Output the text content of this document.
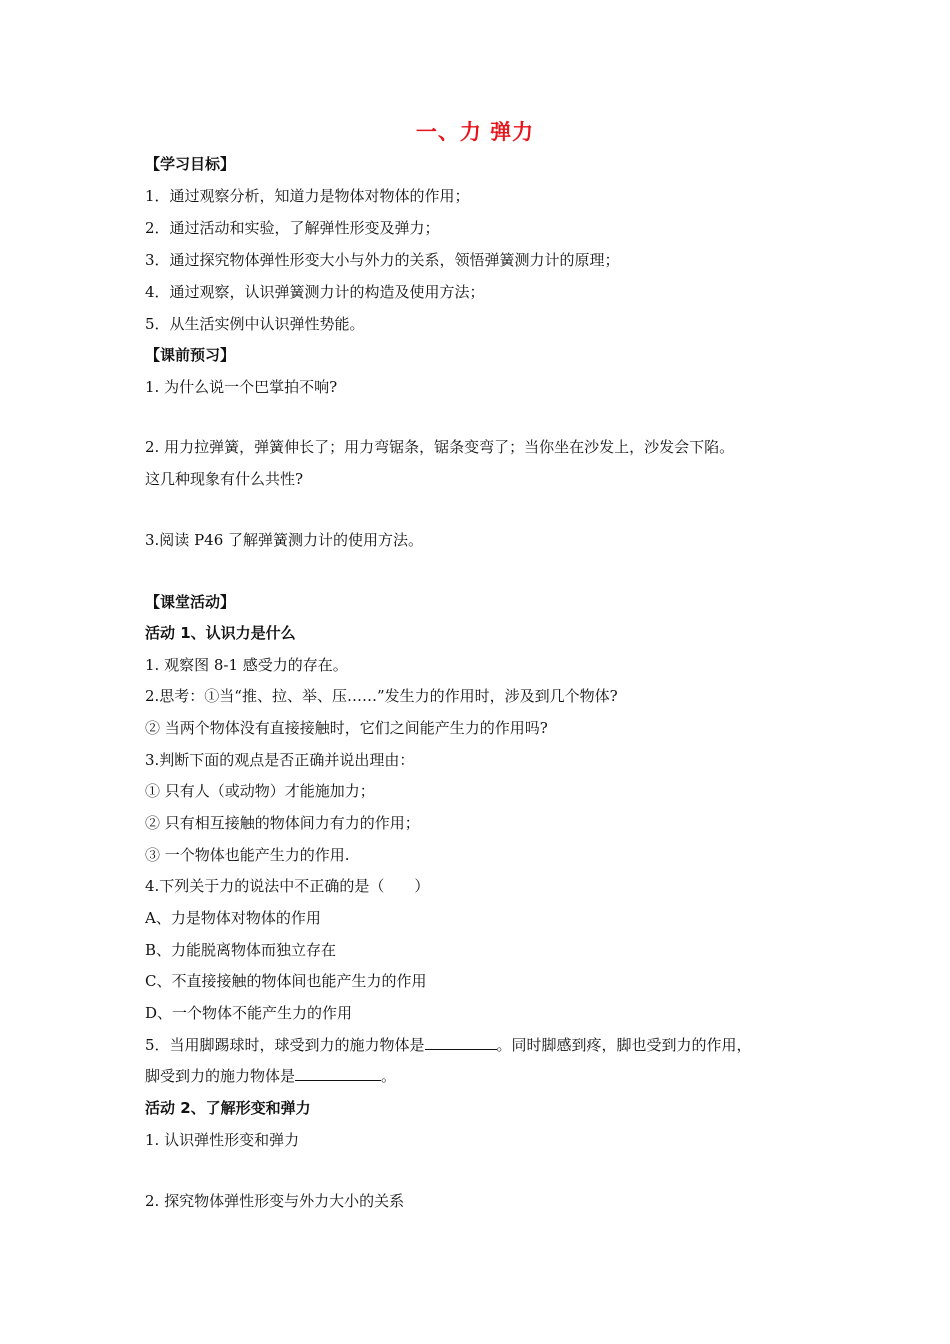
一、力 弹力
【学习目标】
1．通过观察分析，知道力是物体对物体的作用；
2．通过活动和实验，了解弹性形变及弹力；
3．通过探究物体弹性形变大小与外力的关系，领悟弹簧测力计的原理；
4．通过观察，认识弹簧测力计的构造及使用方法；
5．从生活实例中认识弹性势能。
【课前预习】
1. 为什么说一个巴掌拍不响?
2. 用力拉弹簧，弹簧伸长了；用力弯锯条，锯条变弯了；当你坐在沙发上，沙发会下陷。
这几种现象有什么共性?
3.阅读 P46 了解弹簧测力计的使用方法。
【课堂活动】
活动 1、认识力是什么
1. 观察图 8-1 感受力的存在。
2.思考：①当“推、拉、举、压……”发生力的作用时，涉及到几个物体?
② 当两个物体没有直接接触时，它们之间能产生力的作用吗?
3.判断下面的观点是否正确并说出理由：
① 只有人（或动物）才能施加力；
② 只有相互接触的物体间力有力的作用；
③ 一个物体也能产生力的作用.
4.下列关于力的说法中不正确的是（　　）
A、力是物体对物体的作用
B、力能脱离物体而独立存在
C、不直接接触的物体间也能产生力的作用
D、一个物体不能产生力的作用
5．当用脚踢球时，球受到力的施力物体是	。同时脚感到疼，脚也受到力的作用，
脚受到力的施力物体是	。
活动 2、了解形变和弹力
1. 认识弹性形变和弹力
2. 探究物体弹性形变与外力大小的关系
